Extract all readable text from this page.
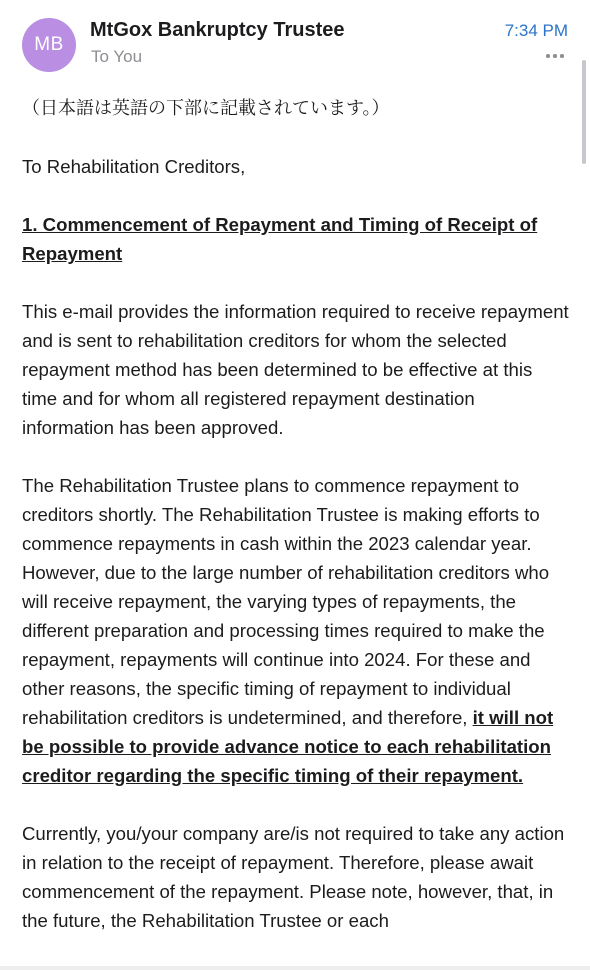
MB
MtGox Bankruptcy Trustee
To You
7:34 PM

（日本語は英語の下部に記載されています。）

To Rehabilitation Creditors,

1. Commencement of Repayment and Timing of Receipt of Repayment

This e-mail provides the information required to receive repayment and is sent to rehabilitation creditors for whom the selected repayment method has been determined to be effective at this time and for whom all registered repayment destination information has been approved.

The Rehabilitation Trustee plans to commence repayment to creditors shortly. The Rehabilitation Trustee is making efforts to commence repayments in cash within the 2023 calendar year. However, due to the large number of rehabilitation creditors who will receive repayment, the varying types of repayments, the different preparation and processing times required to make the repayment, repayments will continue into 2024. For these and other reasons, the specific timing of repayment to individual rehabilitation creditors is undetermined, and therefore, it will not be possible to provide advance notice to each rehabilitation creditor regarding the specific timing of their repayment.

Currently, you/your company are/is not required to take any action in relation to the receipt of repayment. Therefore, please await commencement of the repayment. Please note, however, that, in the future, the Rehabilitation Trustee or each
